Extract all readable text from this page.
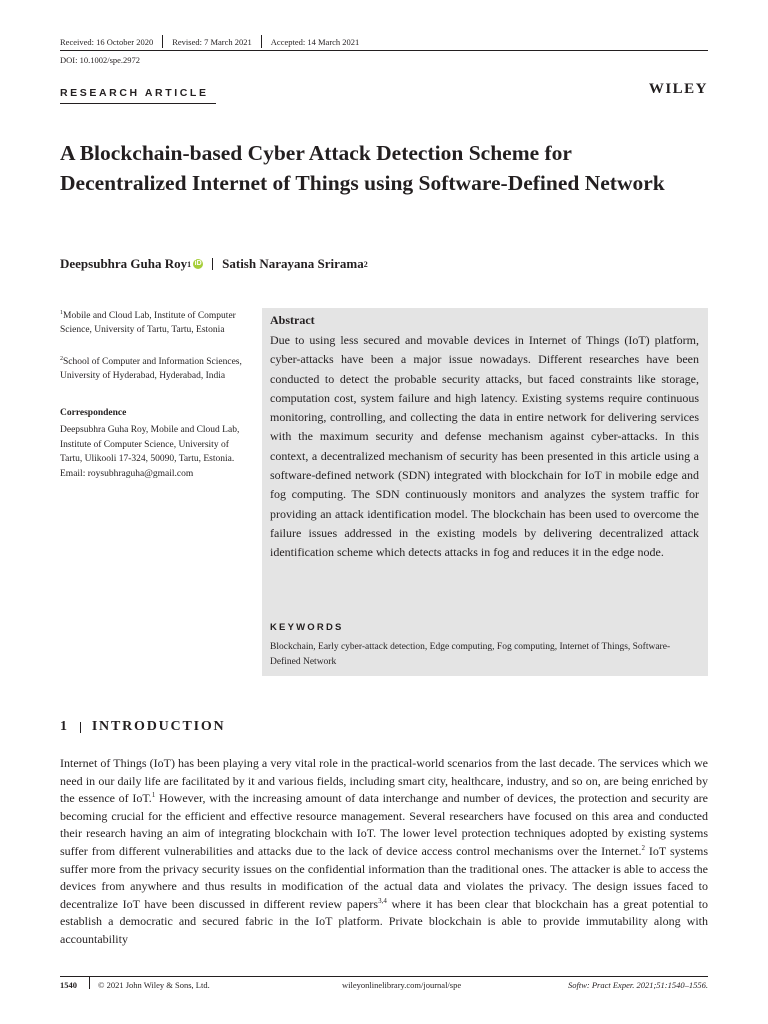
Received: 16 October 2020 Revised: 7 March 2021 Accepted: 14 March 2021
DOI: 10.1002/spe.2972
RESEARCH ARTICLE	WILEY
A Blockchain-based Cyber Attack Detection Scheme for Decentralized Internet of Things using Software-Defined Network
Deepsubhra Guha Roy 1 iD Satish Narayana Srirama 2
$^1$Mobile and Cloud Lab, Institute of Computer Science, University of Tartu, Tartu, Estonia
$^2$School of Computer and Information Sciences, University of Hyderabad, Hyderabad, India
Correspondence
Deepsubhra Guha Roy, Mobile and Cloud Lab, Institute of Computer Science, University of Tartu, Ulikooli 17-324, 50090, Tartu, Estonia.
Email: roysubhraguha@gmail.com
Abstract
Due to using less secured and movable devices in Internet of Things (IoT) platform, cyber-attacks have been a major issue nowadays. Different researches have been conducted to detect the probable security attacks, but faced constraints like storage, computation cost, system failure and high latency. Existing systems require continuous monitoring, controlling, and collecting the data in entire network for delivering services with the maximum security and defense mechanism against cyber-attacks. In this context, a decentralized mechanism of security has been presented in this article using a software-defined network (SDN) integrated with blockchain for IoT in mobile edge and fog computing. The SDN continuously monitors and analyzes the system traffic for providing an attack identification model. The blockchain has been used to overcome the failure issues addressed in the existing models by delivering decentralized attack identification scheme which detects attacks in fog and reduces it in the edge node.
KEYWORDS
Blockchain, Early cyber-attack detection, Edge computing, Fog computing, Internet of Things, Software-Defined Network
1 INTRODUCTION
Internet of Things (IoT) has been playing a very vital role in the practical-world scenarios from the last decade. The services which we need in our daily life are facilitated by it and various fields, including smart city, healthcare, industry, and so on, are being enriched by the essence of IoT.$^1$ However, with the increasing amount of data interchange and number of devices, the protection and security are becoming crucial for the efficient and effective resource management. Several researchers have focused on this area and conducted their research having an aim of integrating blockchain with IoT. The lower level protection techniques adopted by existing systems suffer from different vulnerabilities and attacks due to the lack of device access control mechanisms over the Internet.$^2$ IoT systems suffer more from the privacy security issues on the confidential information than the traditional ones. The attacker is able to access the devices from anywhere and thus results in modification of the actual data and violates the privacy. The design issues faced to decentralize IoT have been discussed in different review papers$^{3,4}$ where it has been clear that blockchain has a great potential to establish a democratic and secured fabric in the IoT platform. Private blockchain is able to provide immutability along with accountability
1540 © 2021 John Wiley & Sons, Ltd.	wileyonlinelibrary.com/journal/spe	Softw: Pract Exper. 2021;51:1540–1556.
